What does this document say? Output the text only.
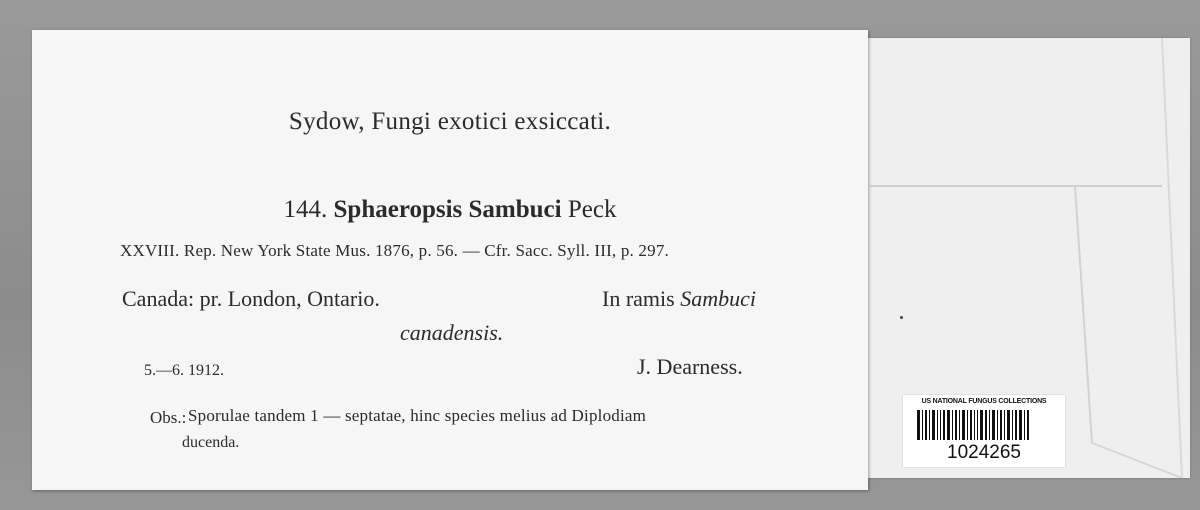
Sydow, Fungi exotici exsiccati.
144. Sphaeropsis Sambuci Peck
XXVIII. Rep. New York State Mus. 1876, p. 56. — Cfr. Sacc. Syll. III, p. 297.
Canada: pr. London, Ontario.	In ramis Sambuci
canadensis.
5.—6. 1912.	J. Dearness.
Obs.: Sporulae tandem 1 — septatae, hinc species melius ad Diplodiam
ducenda.
US NATIONAL FUNGUS COLLECTIONS
1024265
